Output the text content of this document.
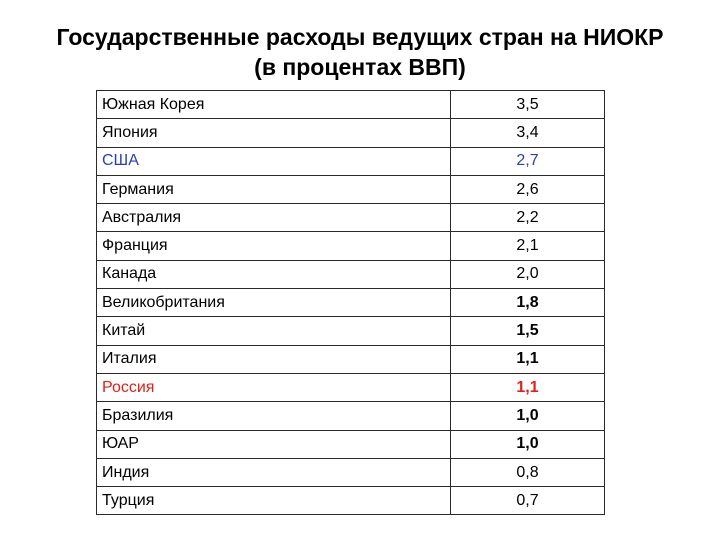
Государственные расходы ведущих стран на НИОКР
(в процентах ВВП)
Южная Корея	3,5
Япония	3,4
США	2,7
Германия	2,6
Австралия	2,2
Франция	2,1
Канада	2,0
Великобритания	1,8
Китай	1,5
Италия	1,1
Россия	1,1
Бразилия	1,0
ЮАР	1,0
Индия	0,8
Турция	0,7
